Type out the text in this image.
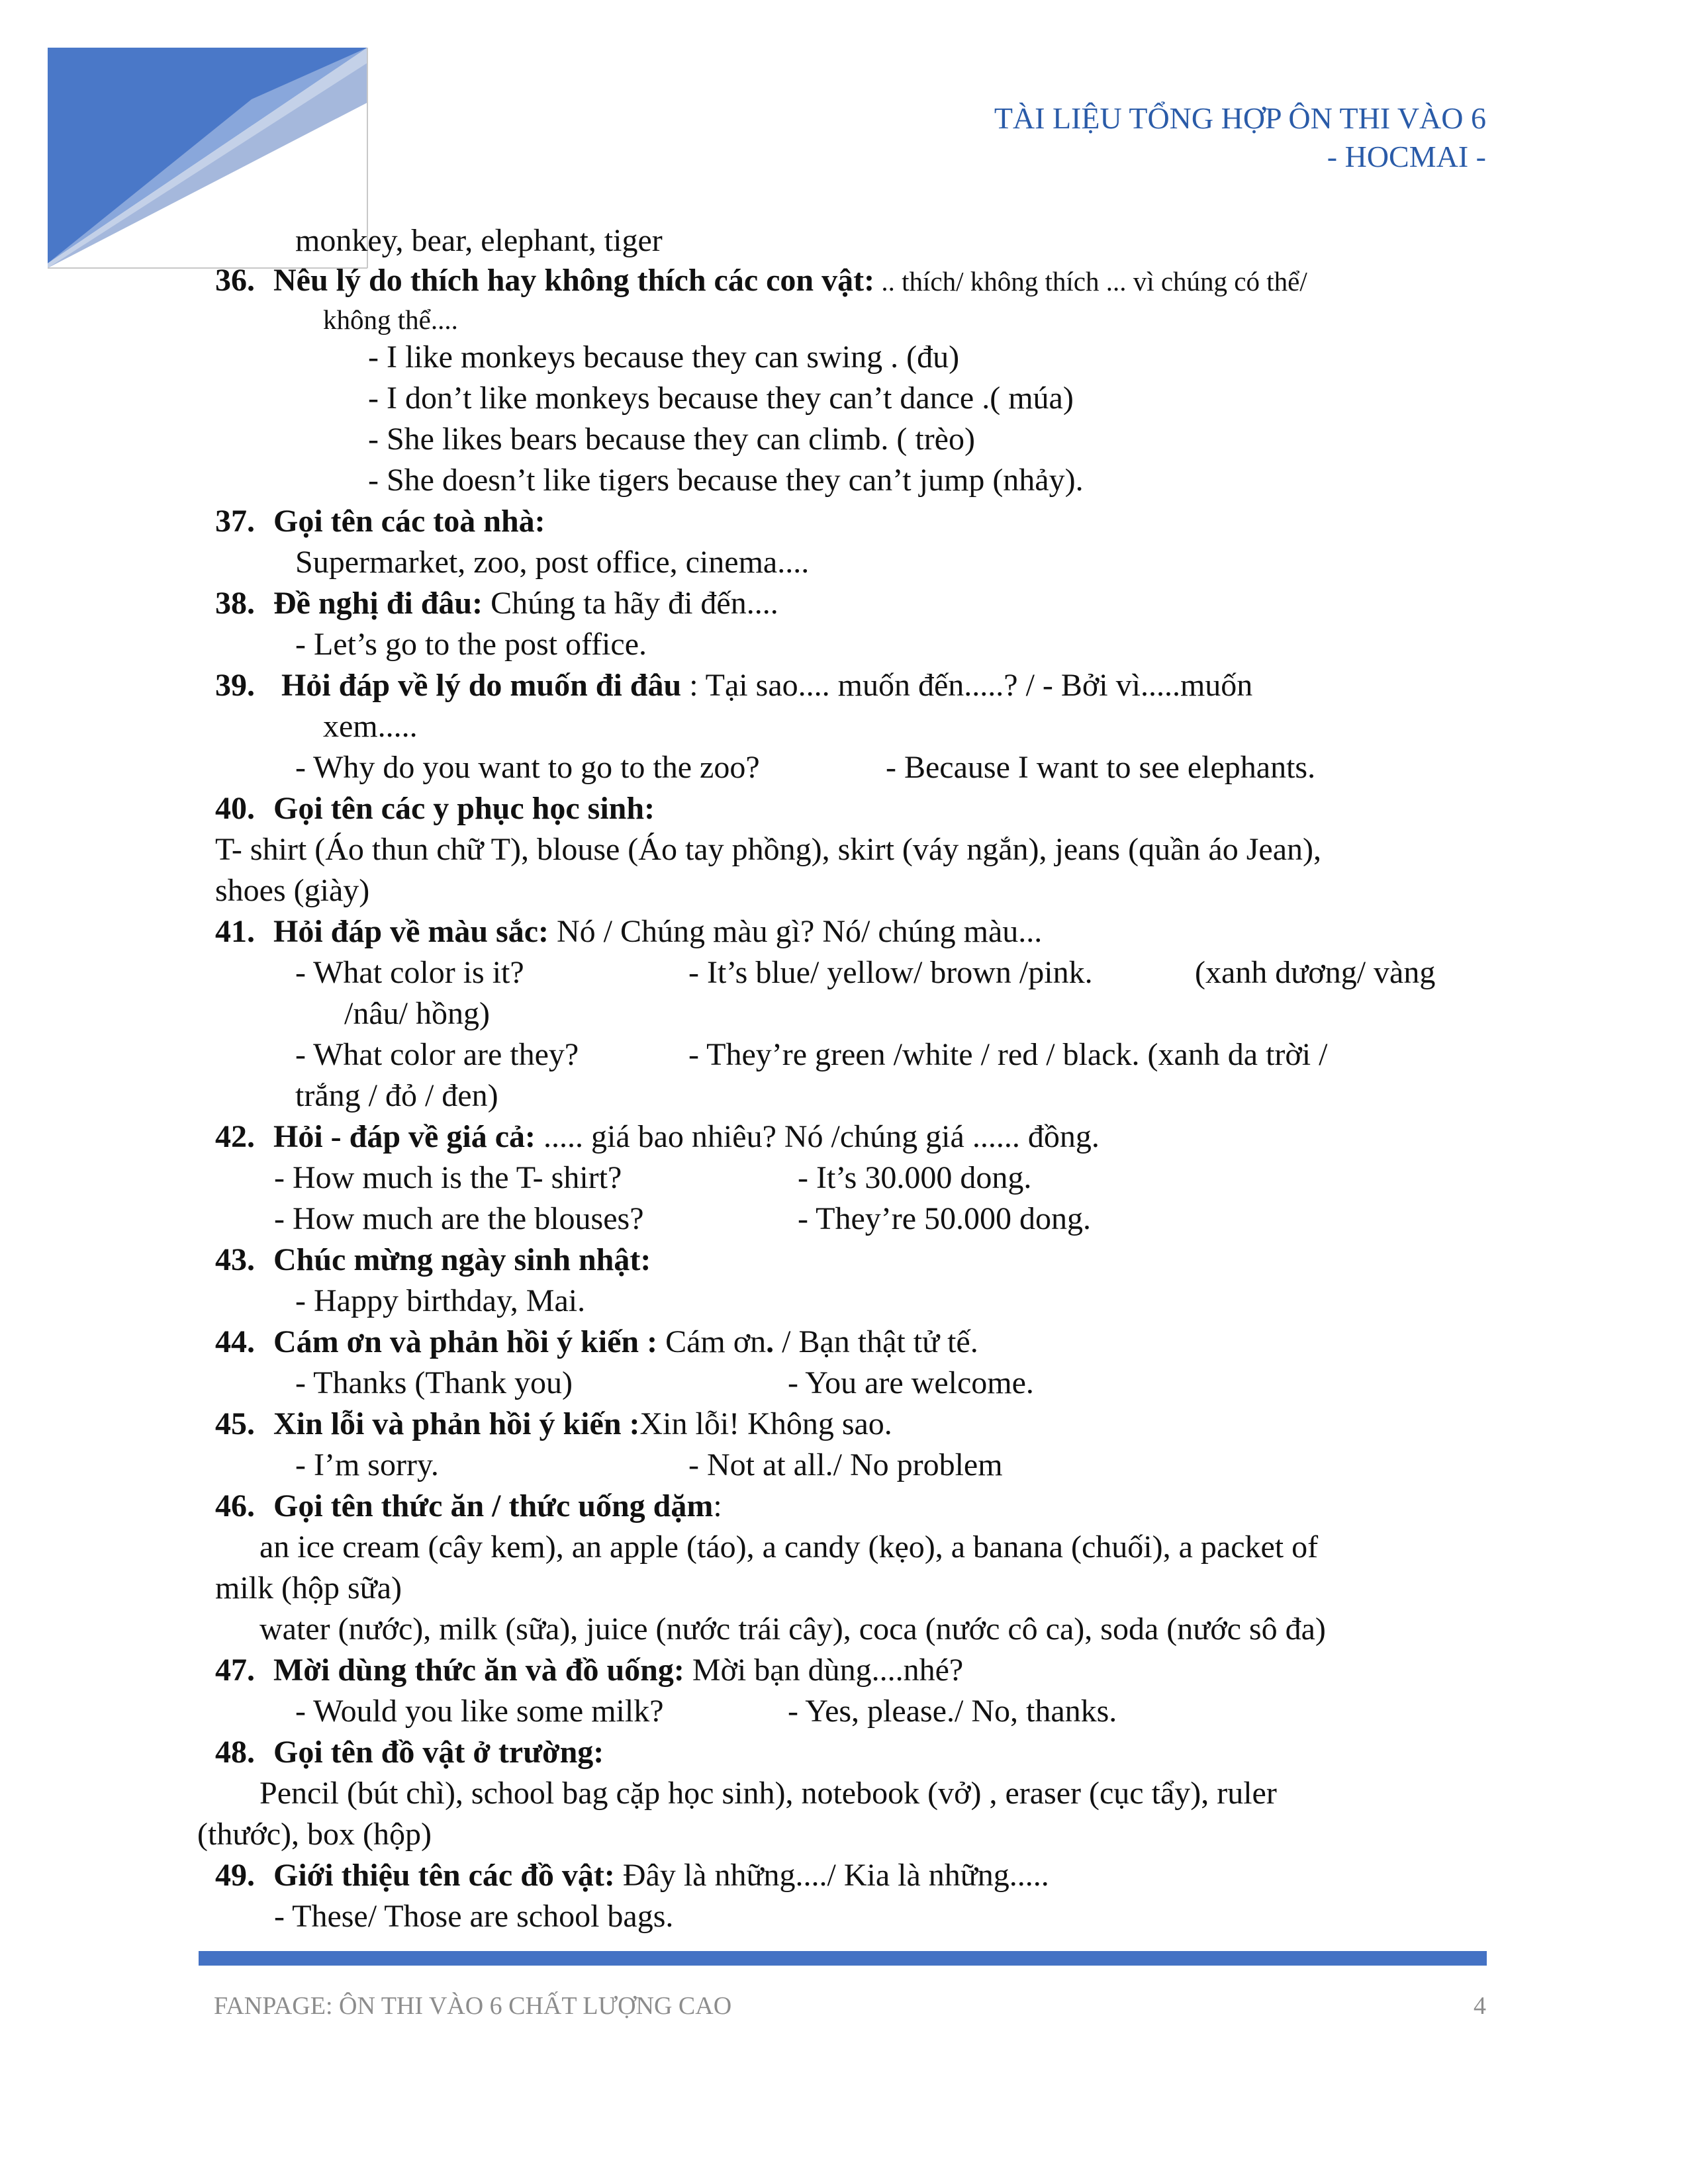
TÀI LIỆU TỔNG HỢP ÔN THI VÀO 6
- HOCMAI -
monkey, bear, elephant, tiger
36. Nêu lý do thích hay không thích các con vật: .. thích/ không thích ... vì chúng có thể/
không thể....
- I like monkeys because they can swing . (đu)
- I don’t like monkeys because they can’t dance .( múa)
- She likes bears because they can climb. ( trèo)
- She doesn’t like tigers because they can’t jump (nhảy).
37. Gọi tên các toà nhà:
Supermarket, zoo, post office, cinema....
38. Đề nghị đi đâu: Chúng ta hãy đi đến....
- Let’s go to the post office.
39. Hỏi đáp về lý do muốn đi đâu : Tại sao.... muốn đến.....? / - Bởi vì.....muốn
xem.....
- Why do you want to go to the zoo?	- Because I want to see elephants.
40. Gọi tên các y phục học sinh:
T- shirt (Áo thun chữ T), blouse (Áo tay phồng), skirt (váy ngắn), jeans (quần áo Jean),
shoes (giày)
41. Hỏi đáp về màu sắc: Nó / Chúng màu gì? Nó/ chúng màu...
- What color is it?	- It’s blue/ yellow/ brown /pink.	(xanh dương/ vàng
/nâu/ hồng)
- What color are they?	- They’re green /white / red / black. (xanh da trời /
trắng / đỏ / đen)
42. Hỏi - đáp về giá cả: ..... giá bao nhiêu? Nó /chúng giá ...... đồng.
- How much is the T- shirt?	- It’s 30.000 dong.
- How much are the blouses?	- They’re 50.000 dong.
43. Chúc mừng ngày sinh nhật:
- Happy birthday, Mai.
44. Cám ơn và phản hồi ý kiến : Cám ơn. / Bạn thật tử tế.
- Thanks (Thank you)	- You are welcome.
45. Xin lỗi và phản hồi ý kiến :Xin lỗi! Không sao.
- I’m sorry.	- Not at all./ No problem
46. Gọi tên thức ăn / thức uống dặm:
an ice cream (cây kem), an apple (táo), a candy (kẹo), a banana (chuối), a packet of
milk (hộp sữa)
water (nước), milk (sữa), juice (nước trái cây), coca (nước cô ca), soda (nước sô đa)
47. Mời dùng thức ăn và đồ uống: Mời bạn dùng....nhé?
- Would you like some milk?	- Yes, please./ No, thanks.
48. Gọi tên đồ vật ở trường:
Pencil (bút chì), school bag cặp học sinh), notebook (vở) , eraser (cục tẩy), ruler
(thước), box (hộp)
49. Giới thiệu tên các đồ vật: Đây là những..../ Kia là những.....
- These/ Those are school bags.
FANPAGE: ÔN THI VÀO 6 CHẤT LƯỢNG CAO	4
